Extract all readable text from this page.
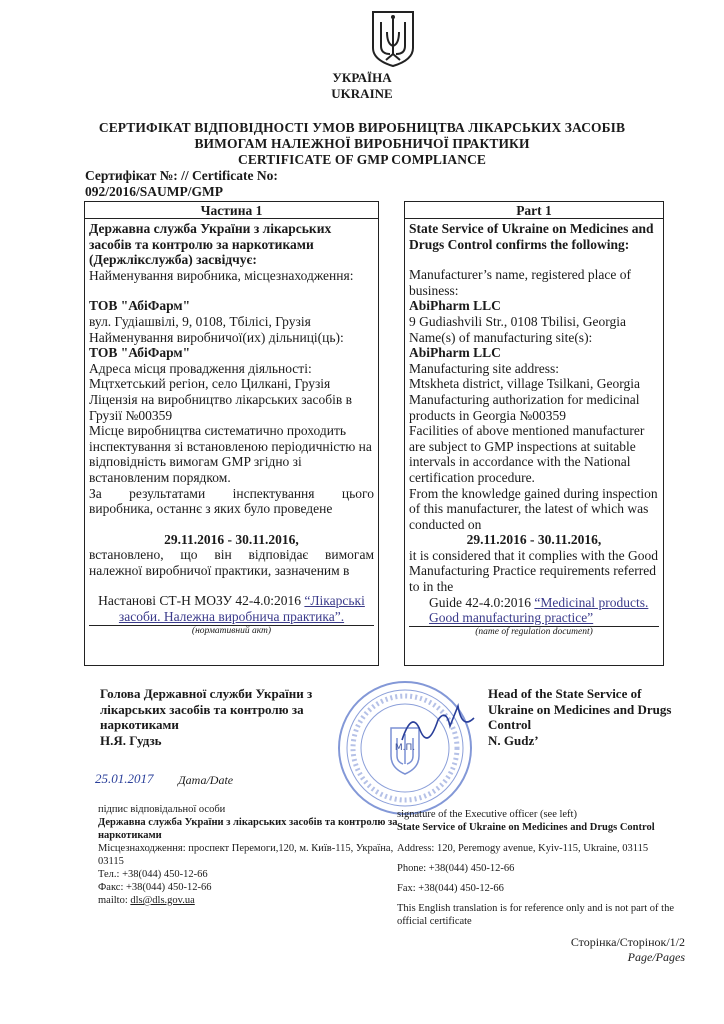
УКРАЇНА
UKRAINE
СЕРТИФІКАТ ВІДПОВІДНОСТІ УМОВ ВИРОБНИЦТВА ЛІКАРСЬКИХ ЗАСОБІВ
ВИМОГАМ НАЛЕЖНОЇ ВИРОБНИЧОЇ ПРАКТИКИ
CERTIFICATE OF GMP COMPLIANCE
Сертифікат №: // Certificate No:
092/2016/SAUMP/GMP
Частина 1	Part 1

Державна служба України з лікарських засобів та контролю за наркотиками (Держлікслужба) засвідчує:

Найменування виробника, місцезнаходження:

ТОВ "АбіФарм"

вул. Гудіашвілі, 9, 0108, Тбілісі, Грузія

Найменування виробничої(их) дільниці(ць):

ТОВ "АбіФарм"

Адреса місця провадження діяльності:

Мцтхетський регіон, село Цилкані, Грузія

Ліцензія на виробництво лікарських засобів в Грузії №00359

Місце виробництва систематично проходить інспектування зі встановленою періодичністю на відповідність вимогам GMP згідно зі встановленим порядком.

За результатами інспектування цього

виробника, останнє з яких було проведене

29.11.2016 - 30.11.2016,

встановлено, що він відповідає вимогам

належної виробничої практики, зазначеним в

Настанові СТ-Н МОЗУ 42-4.0:2016 “Лікарські засоби. Належна виробнича практика”.

(нормативний акт)

State Service of Ukraine on Medicines and Drugs Control confirms the following:

Manufacturer’s name, registered place of business:

AbiPharm LLC

9 Gudiashvili Str., 0108 Tbilisi, Georgia

Name(s) of manufacturing site(s):

AbiPharm LLC

Manufacturing site address:

Mtskheta district, village Tsilkani, Georgia

Manufacturing authorization for medicinal products in Georgia №00359

Facilities of above mentioned manufacturer are subject to GMP inspections at suitable intervals in accordance with the National certification procedure.

From the knowledge gained during inspection of this manufacturer, the latest of which was conducted on

29.11.2016 - 30.11.2016,

it is considered that it complies with the Good Manufacturing Practice requirements referred to in the

Guide 42-4.0:2016 “Medicinal products. Good manufacturing practice”

(name of regulation document)

Голова Державної служби України з лікарських засобів та контролю за наркотиками
Н.Я. Гудзь
Head of the State Service of Ukraine on Medicines and Drugs Control
N. Gudz’
М.П.
25.01.2017 Дата/Date
підпис відповідальної особи
Державна служба України з лікарських засобів та контролю за наркотиками
Місцезнаходження: проспект Перемоги,120, м. Київ-115, Україна, 03115
Тел.: +38(044) 450-12-66
Факс: +38(044) 450-12-66
mailto: dls@dls.gov.ua
signature of the Executive officer (see left)
State Service of Ukraine on Medicines and Drugs Control
Address: 120, Peremogy avenue, Kyiv-115, Ukraine, 03115
Phone: +38(044) 450-12-66
Fax: +38(044) 450-12-66
This English translation is for reference only and is not part of the official certificate
Сторінка/Сторінок/1/2
Page/Pages
